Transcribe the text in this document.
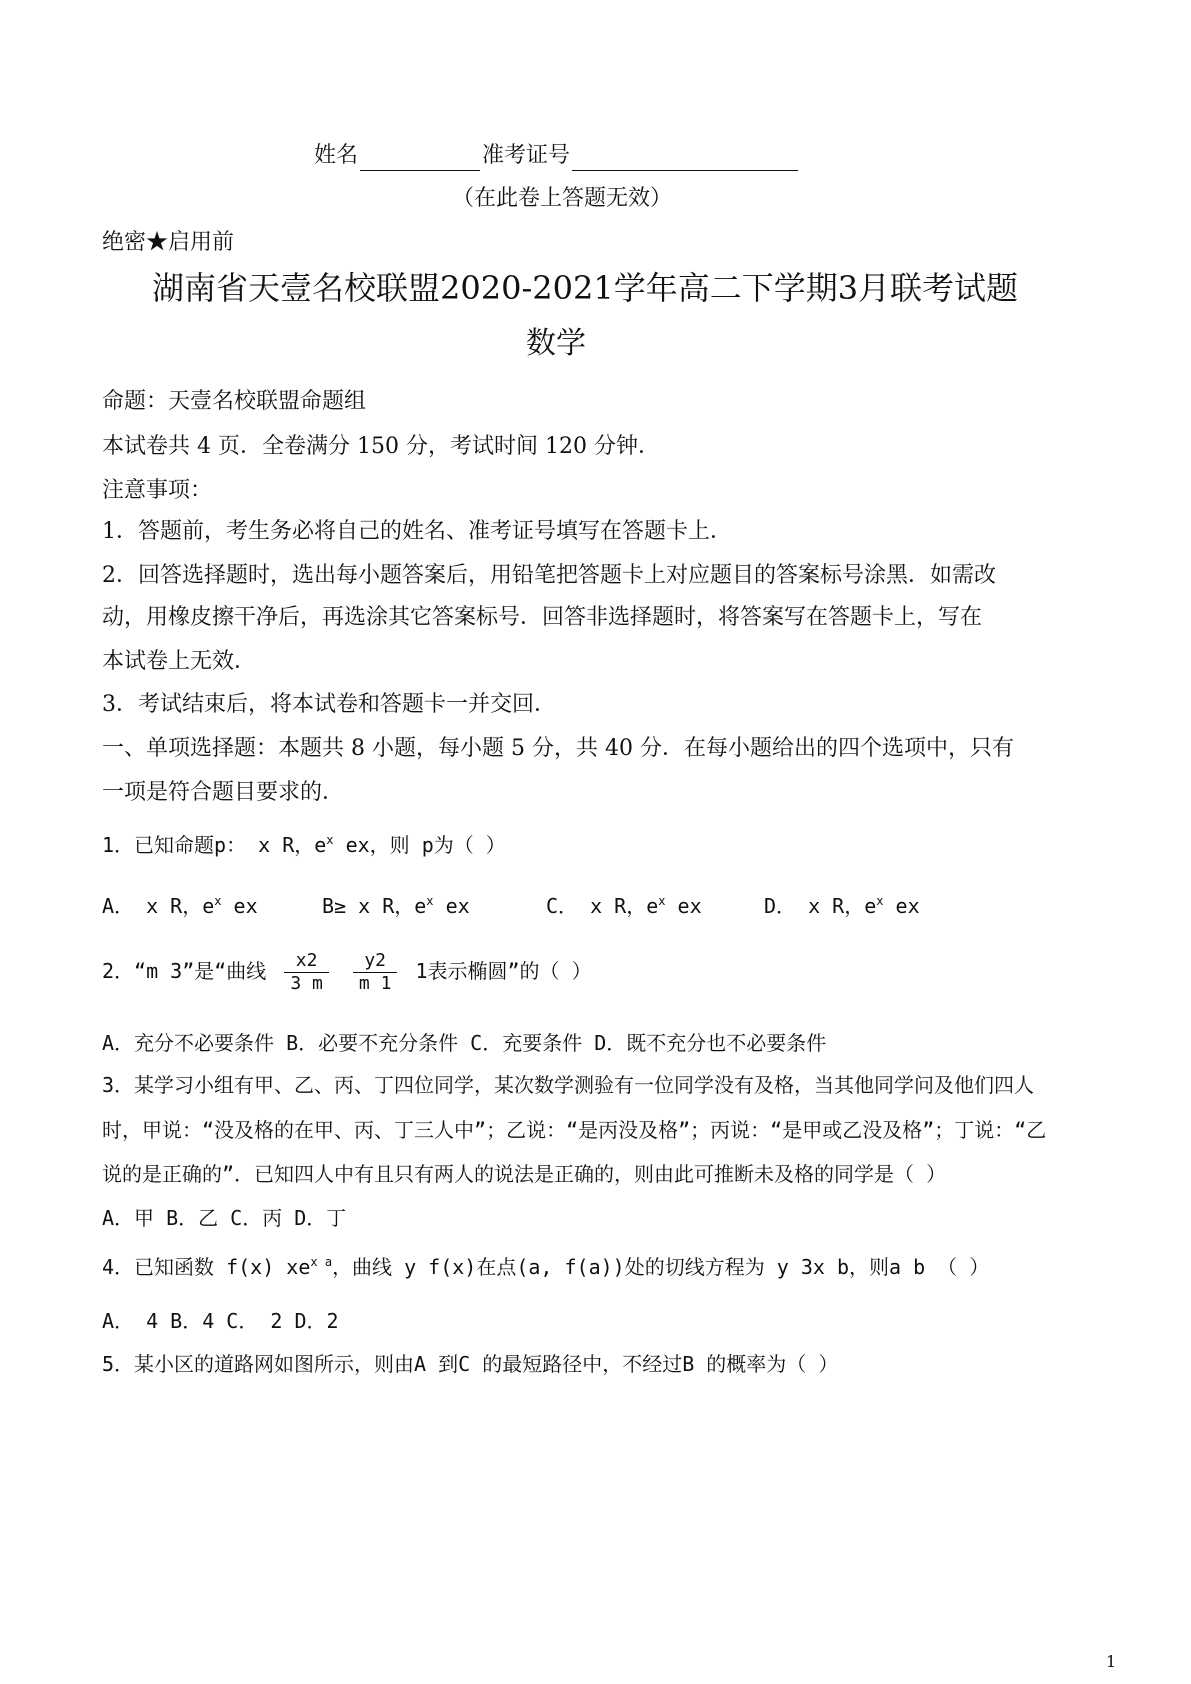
姓名	准考证号
（在此卷上答题无效）
绝密★启用前
湖南省天壹名校联盟2020-2021学年高二下学期3月联考试题
数学
命题：天壹名校联盟命题组
本试卷共 4 页．全卷满分 150 分，考试时间 120 分钟．
注意事项：
1．答题前，考生务必将自己的姓名、准考证号填写在答题卡上．
2．回答选择题时，选出每小题答案后，用铅笔把答题卡上对应题目的答案标号涂黑．如需改
动，用橡皮擦干净后，再选涂其它答案标号．回答非选择题时，将答案写在答题卡上，写在
本试卷上无效．
3．考试结束后，将本试卷和答题卡一并交回．
一、单项选择题：本题共 8 小题，每小题 5 分，共 40 分．在每小题给出的四个选项中，只有
一项是符合题目要求的．
1．已知命题p： x R，$e^x$ ex，则 p为（ ）
A． x R，$e^x$ ex	B≥ x R，$e^x$ ex	C． x R，$e^x$ ex	D． x R，$e^x$ ex
2．“m 3”是“曲线 $\frac{x2}{3 m}$
$\frac{y2}{m 1} 1$表示椭圆”的（ ）
A．充分不必要条件 B．必要不充分条件 C．充要条件 D．既不充分也不必要条件
3．某学习小组有甲、乙、丙、丁四位同学，某次数学测验有一位同学没有及格，当其他同学问及他们四人
时，甲说：“没及格的在甲、丙、丁三人中”；乙说：“是丙没及格”；丙说：“是甲或乙没及格”；丁说：“乙
说的是正确的”．已知四人中有且只有两人的说法是正确的，则由此可推断未及格的同学是（ ）
A．甲 B．乙 C．丙 D．丁
4．已知函数 f(x) $xe^{x a}$，曲线 y f(x)在点(a, f(a))处的切线方程为 y 3x b，则a b （ ）
A． 4 B．4 C． 2 D．2
5．某小区的道路网如图所示，则由A 到C 的最短路径中，不经过B 的概率为（ ）
1
